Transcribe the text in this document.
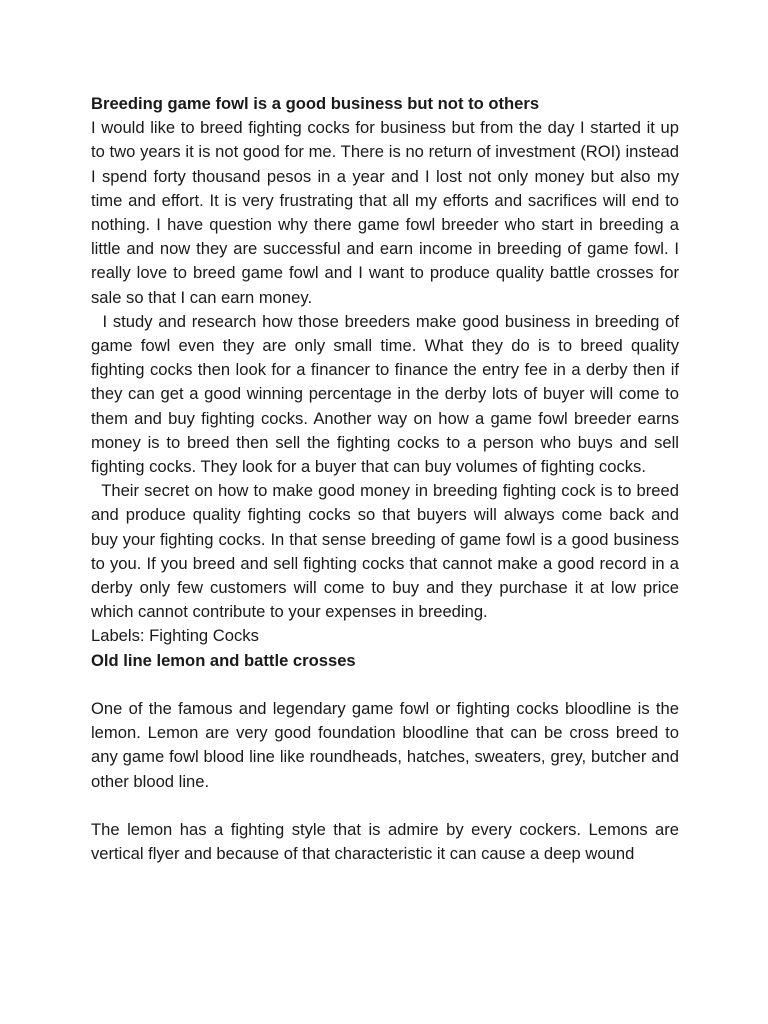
Breeding game fowl is a good business but not to others

I would like to breed fighting cocks for business but from the day I started it up to two years it is not good for me. There is no return of investment (ROI) instead I spend forty thousand pesos in a year and I lost not only money but also my time and effort. It is very frustrating that all my efforts and sacrifices will end to nothing. I have question why there game fowl breeder who start in breeding a little and now they are successful and earn income in breeding of game fowl. I really love to breed game fowl and I want to produce quality battle crosses for sale so that I can earn money.

I study and research how those breeders make good business in breeding of game fowl even they are only small time. What they do is to breed quality fighting cocks then look for a financer to finance the entry fee in a derby then if they can get a good winning percentage in the derby lots of buyer will come to them and buy fighting cocks. Another way on how a game fowl breeder earns money is to breed then sell the fighting cocks to a person who buys and sell fighting cocks. They look for a buyer that can buy volumes of fighting cocks.

Their secret on how to make good money in breeding fighting cock is to breed and produce quality fighting cocks so that buyers will always come back and buy your fighting cocks. In that sense breeding of game fowl is a good business to you. If you breed and sell fighting cocks that cannot make a good record in a derby only few customers will come to buy and they purchase it at low price which cannot contribute to your expenses in breeding.

Labels: Fighting Cocks

Old line lemon and battle crosses

One of the famous and legendary game fowl or fighting cocks bloodline is the lemon. Lemon are very good foundation bloodline that can be cross breed to any game fowl blood line like roundheads, hatches, sweaters, grey, butcher and other blood line.

The lemon has a fighting style that is admire by every cockers. Lemons are vertical flyer and because of that characteristic it can cause a deep wound
